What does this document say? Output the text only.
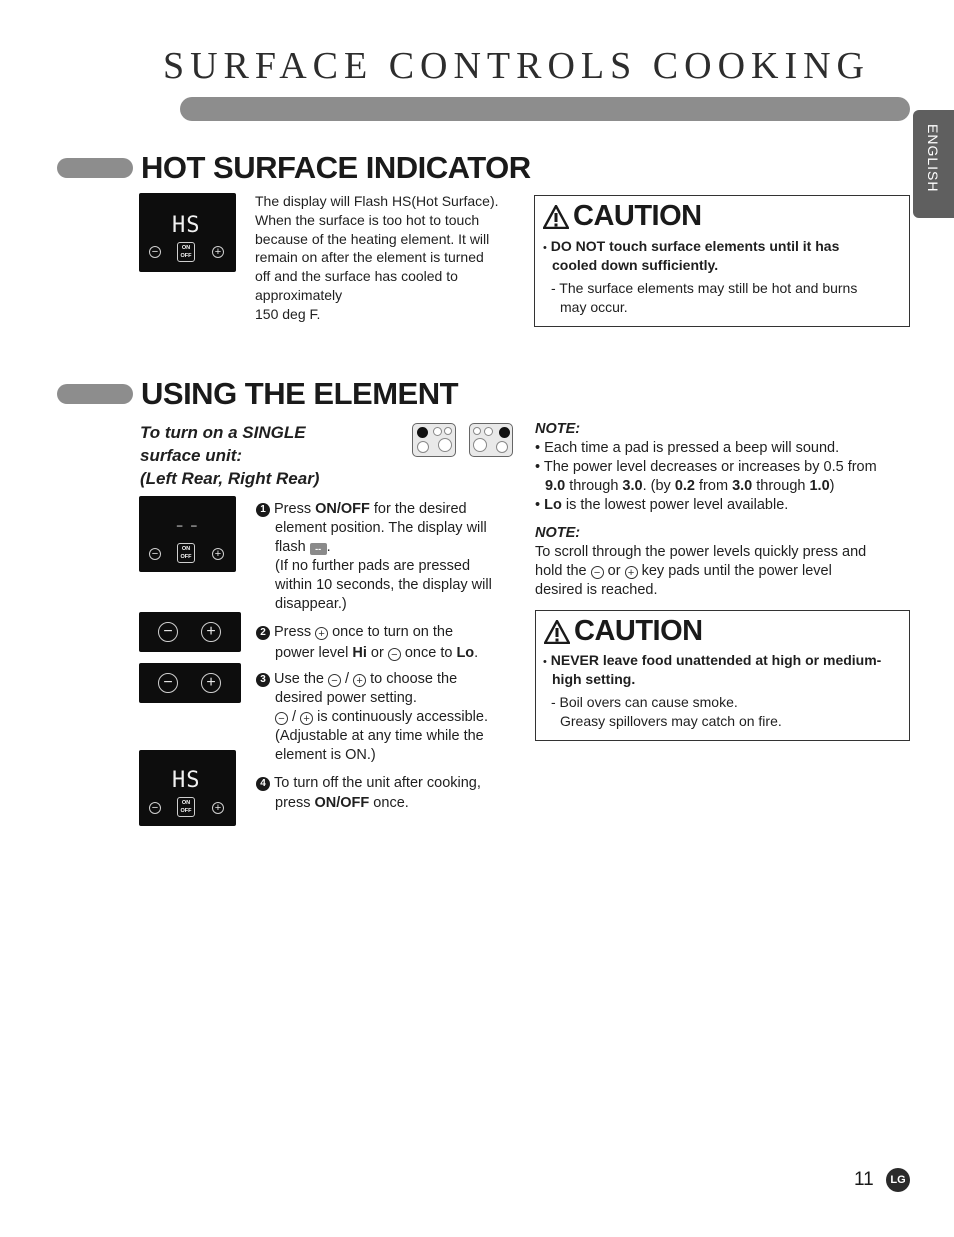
SURFACE CONTROLS COOKING
ENGLISH
HOT SURFACE INDICATOR
HS
−	ON
OFF +
The display will Flash HS(Hot Surface).
When the surface is too hot to touch
because of the heating element. It will
remain on after the element is turned
off and the surface has cooled to
approximately
150 deg F.
CAUTION
• DO NOT touch surface elements until it has
cooled down sufficiently.
- The surface elements may still be hot and burns
may occur.
USING THE ELEMENT
To turn on a SINGLE
surface unit:
(Left Rear, Right Rear)
--
−	ON
OFF +
− +
− +
HS
−	ON
OFF +
1 Press ON/OFF for the desired
element position. The display will
flash -- .
(If no further pads are pressed
within 10 seconds, the display will
disappear.)
2 Press + once to turn on the
power level Hi or − once to Lo.
3 Use the − / + to choose the
desired power setting.
− / + is continuously accessible.
(Adjustable at any time while the
element is ON.)
4 To turn off the unit after cooking,
press ON/OFF once.
NOTE:
• Each time a pad is pressed a beep will sound.
• The power level decreases or increases by 0.5 from
9.0 through 3.0. (by 0.2 from 3.0 through 1.0)
• Lo is the lowest power level available.
NOTE:
To scroll through the power levels quickly press and
hold the − or + key pads until the power level
desired is reached.
CAUTION
• NEVER leave food unattended at high or medium-
high setting.
- Boil overs can cause smoke.
Greasy spillovers may catch on fire.
11	LG
